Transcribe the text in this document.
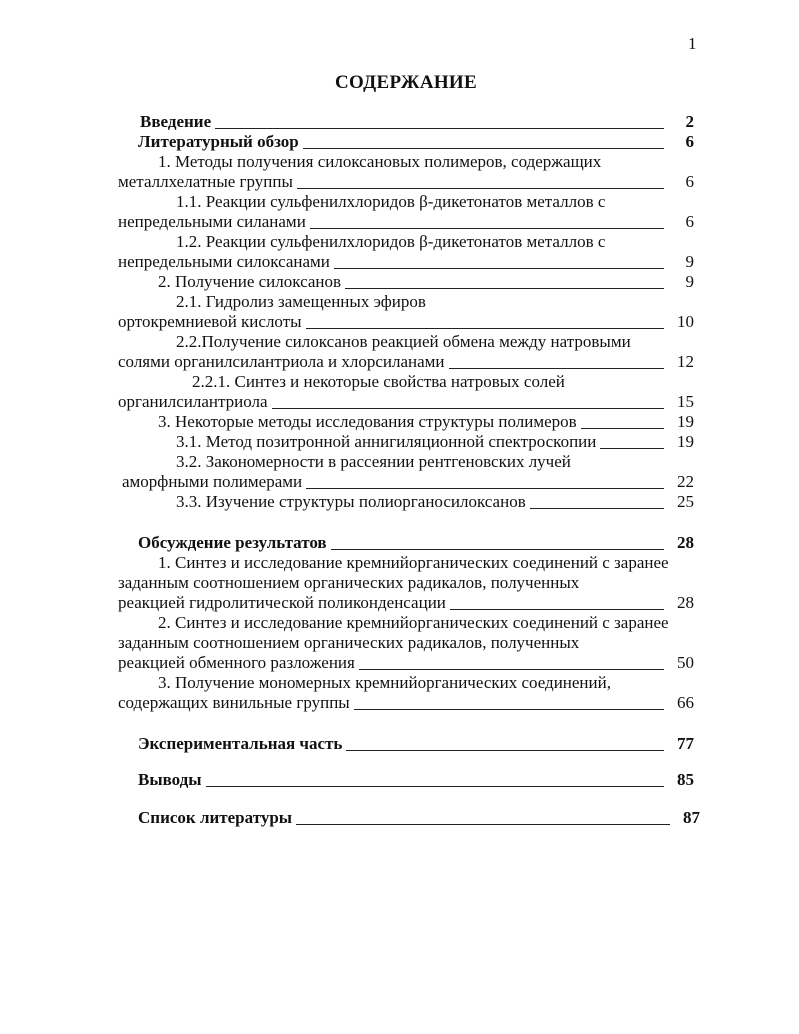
1
СОДЕРЖАНИЕ
Введение	2
Литературный обзор	6
1. Методы получения силоксановых полимеров, содержащих
металлхелатные группы	6
1.1. Реакции сульфенилхлоридов β-дикетонатов металлов с
непредельными силанами	6
1.2. Реакции сульфенилхлоридов β-дикетонатов металлов с
непредельными силоксанами	9
2. Получение силоксанов	9
2.1. Гидролиз замещенных эфиров
ортокремниевой кислоты	10
2.2.Получение силоксанов реакцией обмена между натровыми
солями органилсилантриола и хлорсиланами	12
2.2.1. Синтез и некоторые свойства натровых солей
органилсилантриола	15
3. Некоторые методы исследования структуры полимеров	19
3.1. Метод позитронной аннигиляционной спектроскопии	19
3.2. Закономерности в рассеянии рентгеновских лучей
аморфными полимерами	22
3.3. Изучение структуры полиорганосилоксанов	25
Обсуждение результатов	28
1. Синтез и исследование кремнийорганических соединений с заранее
заданным соотношением органических радикалов, полученных
реакцией гидролитической поликонденсации	28
2. Синтез и исследование кремнийорганических соединений с заранее
заданным соотношением органических радикалов, полученных
реакцией обменного разложения	50
3. Получение мономерных кремнийорганических соединений,
содержащих винильные группы	66
Экспериментальная часть	77
Выводы	85
Список литературы	87
